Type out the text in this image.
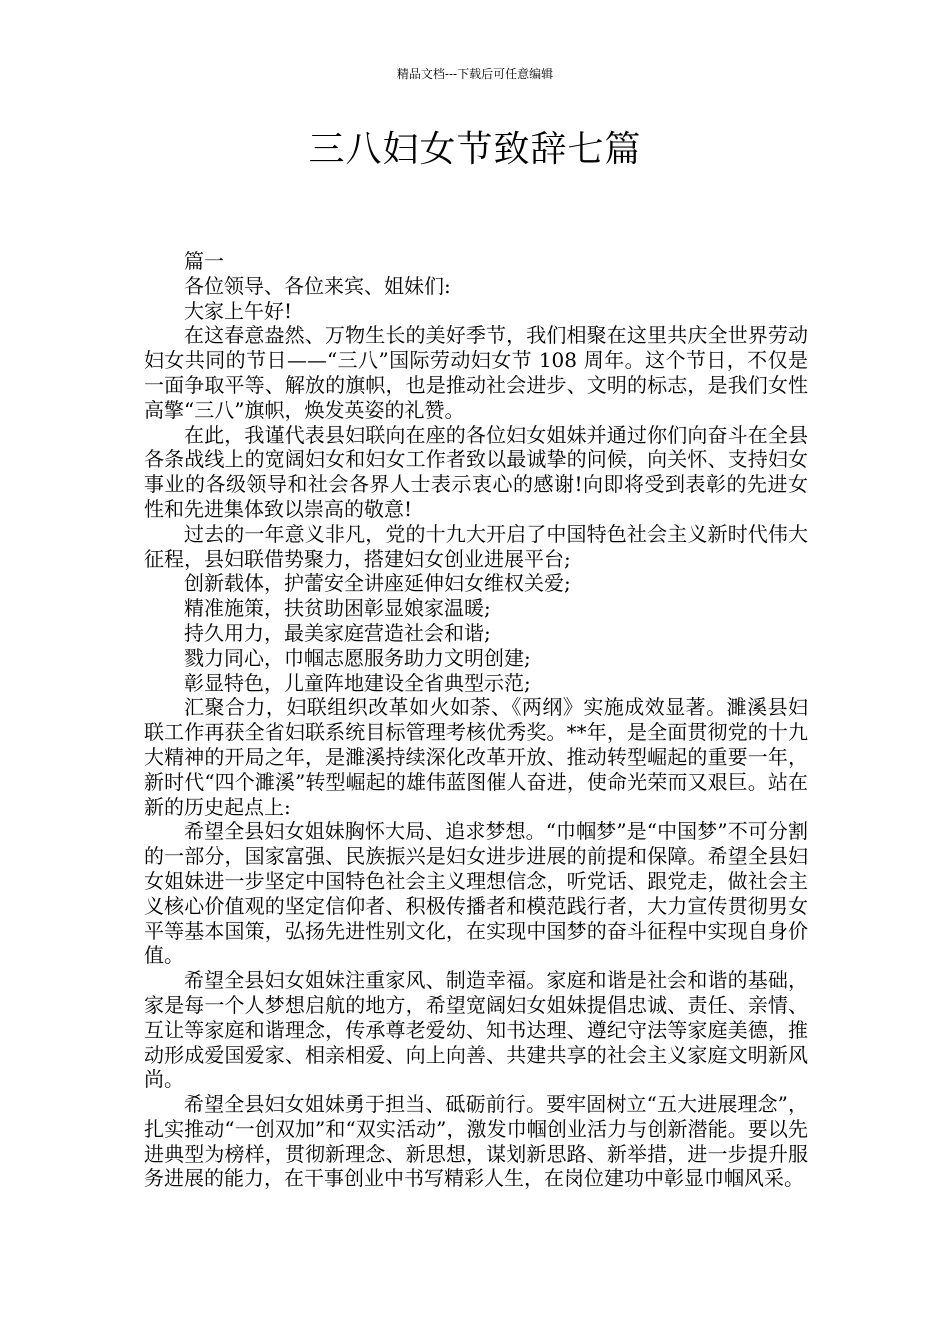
精品文档---下载后可任意编辑
三八妇女节致辞七篇

篇一

各位领导、各位来宾、姐妹们:

大家上午好!

在这春意盎然、万物生长的美好季节，我们相聚在这里共庆全世界劳动妇女共同的节日——“三八”国际劳动妇女节 108 周年。这个节日，不仅是一面争取平等、解放的旗帜，也是推动社会进步、文明的标志，是我们女性高擎“三八”旗帜，焕发英姿的礼赞。

在此，我谨代表县妇联向在座的各位妇女姐妹并通过你们向奋斗在全县各条战线上的宽阔妇女和妇女工作者致以最诚挚的问候，向关怀、支持妇女事业的各级领导和社会各界人士表示衷心的感谢!向即将受到表彰的先进女性和先进集体致以崇高的敬意!

过去的一年意义非凡，党的十九大开启了中国特色社会主义新时代伟大征程，县妇联借势聚力，搭建妇女创业进展平台;

创新载体，护蕾安全讲座延伸妇女维权关爱;

精准施策，扶贫助困彰显娘家温暖;

持久用力，最美家庭营造社会和谐;

戮力同心，巾帼志愿服务助力文明创建;

彰显特色，儿童阵地建设全省典型示范;

汇聚合力，妇联组织改革如火如荼、《两纲》实施成效显著。濉溪县妇联工作再获全省妇联系统目标管理考核优秀奖。**年，是全面贯彻党的十九大精神的开局之年，是濉溪持续深化改革开放、推动转型崛起的重要一年，新时代“四个濉溪”转型崛起的雄伟蓝图催人奋进，使命光荣而又艰巨。站在新的历史起点上:

希望全县妇女姐妹胸怀大局、追求梦想。“巾帼梦”是“中国梦”不可分割的一部分，国家富强、民族振兴是妇女进步进展的前提和保障。希望全县妇女姐妹进一步坚定中国特色社会主义理想信念，听党话、跟党走，做社会主义核心价值观的坚定信仰者、积极传播者和模范践行者，大力宣传贯彻男女平等基本国策，弘扬先进性别文化，在实现中国梦的奋斗征程中实现自身价值。

希望全县妇女姐妹注重家风、制造幸福。家庭和谐是社会和谐的基础，家是每一个人梦想启航的地方，希望宽阔妇女姐妹提倡忠诚、责任、亲情、互让等家庭和谐理念，传承尊老爱幼、知书达理、遵纪守法等家庭美德，推动形成爱国爱家、相亲相爱、向上向善、共建共享的社会主义家庭文明新风尚。

希望全县妇女姐妹勇于担当、砥砺前行。要牢固树立“五大进展理念”，扎实推动“一创双加”和“双实活动”，激发巾帼创业活力与创新潜能。要以先进典型为榜样，贯彻新理念、新思想，谋划新思路、新举措，进一步提升服务进展的能力，在干事创业中书写精彩人生，在岗位建功中彰显巾帼风采。
